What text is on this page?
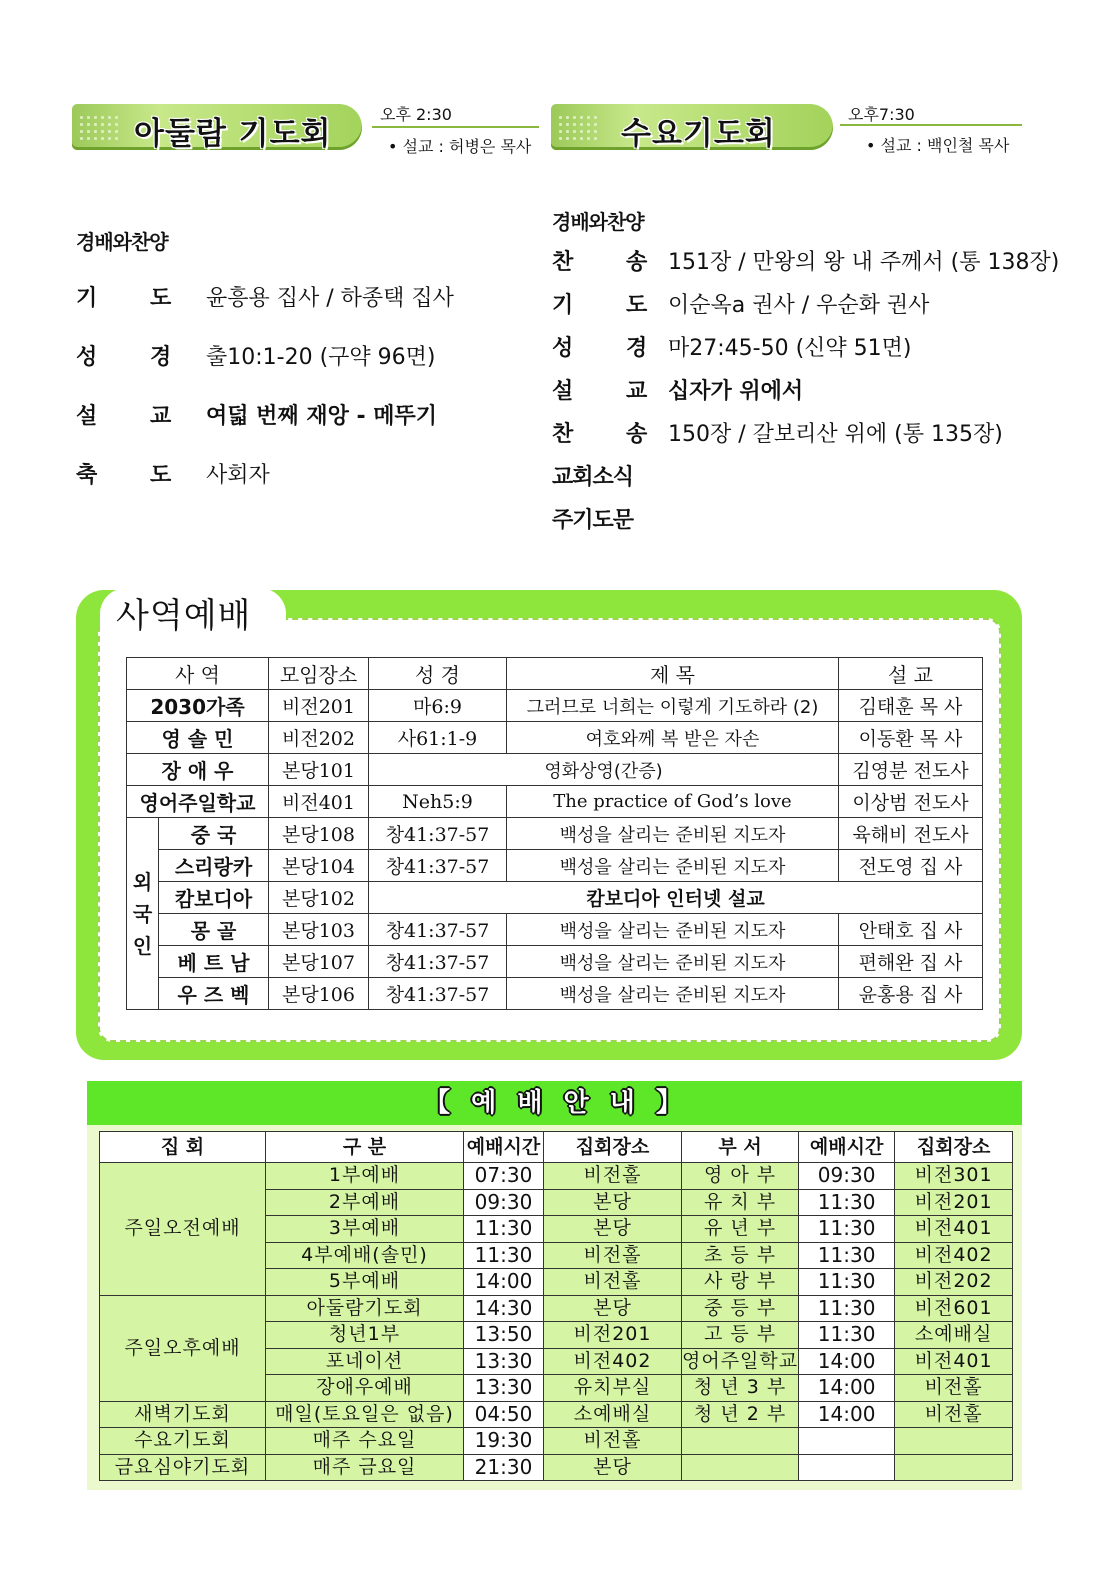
아둘람 기도회
오후 2:30
• 설교 : 허병은 목사	수요기도회
오후7:30
• 설교 : 백인철 목사
경배와찬양
기 도 윤흥용 집사 / 하종택 집사
성 경 출10:1-20 (구약 96면)
설 교 여덟 번째 재앙 - 메뚜기
축 도 사회자
경배와찬양
찬 송 151장 / 만왕의 왕 내 주께서 (통 138장)
기 도 이순옥a 권사 / 우순화 권사
성 경 마27:45-50 (신약 51면)
설 교 십자가 위에서
찬 송 150장 / 갈보리산 위에 (통 135장)
교회소식
주기도문
사역예배
사 역		모임장소	성 경	제 목	설 교
2030가족		비전201	마6:9	그러므로 너희는 이렇게 기도하라 (2)	김태훈 목 사
영 솔 민		비전202	사61:1-9	여호와께 복 받은 자손	이동환 목 사
장 애 우		본당101	영화상영(간증)		김영분 전도사
영어주일학교		비전401	Neh5:9	The practice of God’s love	이상범 전도사
외
국
인	중 국	본당108	창41:37-57	백성을 살리는 준비된 지도자	육해비 전도사
	스리랑카	본당104	창41:37-57	백성을 살리는 준비된 지도자	전도영 집 사
	캄보디아	본당102	캄보디아 인터넷 설교		
	몽 골	본당103	창41:37-57	백성을 살리는 준비된 지도자	안태호 집 사
	베 트 남	본당107	창41:37-57	백성을 살리는 준비된 지도자	편해완 집 사
	우 즈 벡	본당106	창41:37-57	백성을 살리는 준비된 지도자	윤홍용 집 사
【 예 배 안 내 】
집 회	구 분	예배시간	집회장소	부 서	예배시간	집회장소
주일오전예배	1부예배	07:30	비전홀	영 아 부	09:30	비전301
	2부예배	09:30	본당	유 치 부	11:30	비전201
	3부예배	11:30	본당	유 년 부	11:30	비전401
	4부예배(솔민)	11:30	비전홀	초 등 부	11:30	비전402
	5부예배	14:00	비전홀	사 랑 부	11:30	비전202
주일오후예배	아둘람기도회	14:30	본당	중 등 부	11:30	비전601
	청년1부	13:50	비전201	고 등 부	11:30	소예배실
	포네이션	13:30	비전402	영어주일학교	14:00	비전401
	장애우예배	13:30	유치부실	청 년 3 부	14:00	비전홀
새벽기도회	매일(토요일은 없음)	04:50	소예배실	청 년 2 부	14:00	비전홀
수요기도회	매주 수요일	19:30	비전홀			
금요심야기도회	매주 금요일	21:30	본당			
